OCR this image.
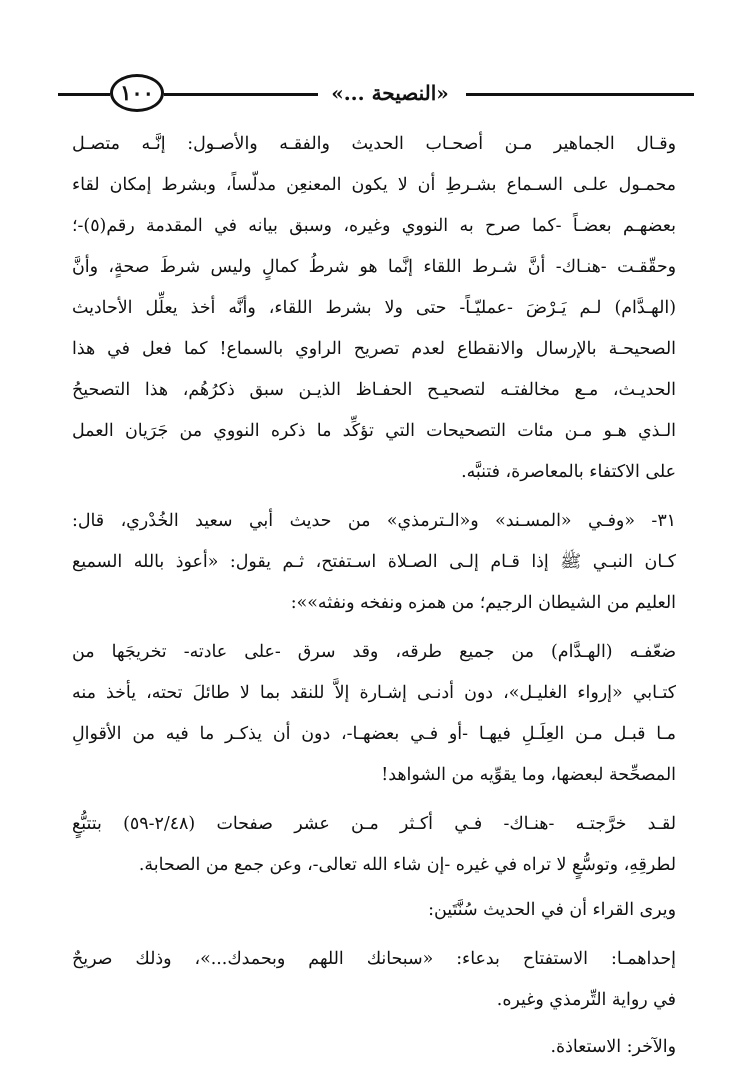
١٠٠	«النصيحة ...»
وقـال الجماهير مـن أصحـاب الحديث والفقـه والأصـول: إنَّـه متصـل
محمـول علـى السـماع بشـرطِ أن لا يكون المعنعِن مدلّساً، وبشرط إمكان لقاء
بعضهـم بعضـاً -كما صرح به النووي وغيره، وسبق بيانه في المقدمة رقم(٥)-؛
وحقّقـت -هنـاك- أنَّ شـرط اللقاء إنَّما هو شرطُ كمالٍ وليس شرطَ صحةٍ، وأنَّ
(الهـدَّام) لـم يَـرْضَ -عمليّـاً- حتى ولا بشرط اللقاء، وأنَّه أخذ يعلِّل الأحاديث
الصحيحـة بالإرسال والانقطاع لعدم تصريح الراوي بالسماع! كما فعل في هذا
الحديـث، مـع مخالفتـه لتصحيـح الحفـاظ الذيـن سبق ذكرُهُم، هذا التصحيحُ
الـذي هـو مـن مئات التصحيحات التي تؤكِّد ما ذكره النووي من جَرَيان العمل
على الاكتفاء بالمعاصرة، فتنبَّه.
٣١- «وفـي «المسـند» و«الـترمذي» من حديث أبي سعيد الخُدْري، قال:
كـان النبـي ﷺ إذا قـام إلـى الصـلاة اسـتفتح، ثـم يقول: «أعوذ بالله السميع
العليم من الشيطان الرجيم؛ من همزه ونفخه ونفثه»»:
ضعّفـه (الهـدَّام) من جميع طرقه، وقد سرق -على عادته- تخريجَها من
كتـابي «إرواء الغليـل»، دون أدنـى إشـارة إلاَّ للنقد بما لا طائلَ تحته، يأخذ منه
مـا قبـل مـن العِلَـلِ فيهـا -أو فـي بعضهـا-، دون أن يذكـر ما فيه من الأقوالِ
المصحِّحة لبعضها، وما يقوِّيه من الشواهد!
لقـد خرَّجتـه -هنـاك- فـي أكـثر مـن عشر صفحات (٢/٤٨-٥٩) بتتبُّعٍ
لطرقِهِ، وتوسُّعٍ لا تراه في غيره -إن شاء الله تعالى-، وعن جمع من الصحابة.
ويرى القراء أن في الحديث سُنَّتَين:
إحداهمـا: الاستفتاح بدعاء: «سبحانك اللهم وبحمدك...»، وذلك صريحٌ
في رواية التِّرمذي وغيره.
والآخر: الاستعاذة.
